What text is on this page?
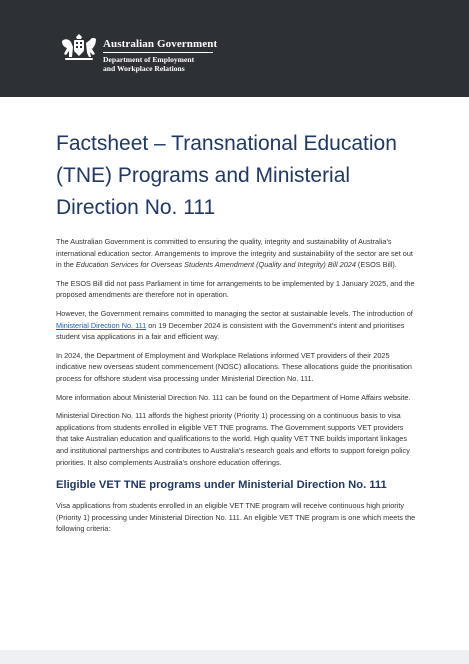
Australian Government
Department of Employment
and Workplace Relations
Factsheet – Transnational Education (TNE) Programs and Ministerial Direction No. 111

The Australian Government is committed to ensuring the quality, integrity and sustainability of Australia’s international education sector. Arrangements to improve the integrity and sustainability of the sector are set out in the Education Services for Overseas Students Amendment (Quality and Integrity) Bill 2024 (ESOS Bill).

The ESOS Bill did not pass Parliament in time for arrangements to be implemented by 1 January 2025, and the proposed amendments are therefore not in operation.

However, the Government remains committed to managing the sector at sustainable levels. The introduction of Ministerial Direction No. 111 on 19 December 2024 is consistent with the Government’s intent and prioritises student visa applications in a fair and efficient way.

In 2024, the Department of Employment and Workplace Relations informed VET providers of their 2025 indicative new overseas student commencement (NOSC) allocations. These allocations guide the prioritisation process for offshore student visa processing under Ministerial Direction No. 111.

More information about Ministerial Direction No. 111 can be found on the Department of Home Affairs website.

Ministerial Direction No. 111 affords the highest priority (Priority 1) processing on a continuous basis to visa applications from students enrolled in eligible VET TNE programs. The Government supports VET providers that take Australian education and qualifications to the world. High quality VET TNE builds important linkages and institutional partnerships and contributes to Australia’s research goals and efforts to support foreign policy priorities. It also complements Australia’s onshore education offerings.

Eligible VET TNE programs under Ministerial Direction No. 111

Visa applications from students enrolled in an eligible VET TNE program will receive continuous high priority (Priority 1) processing under Ministerial Direction No. 111. An eligible VET TNE program is one which meets the following criteria:
